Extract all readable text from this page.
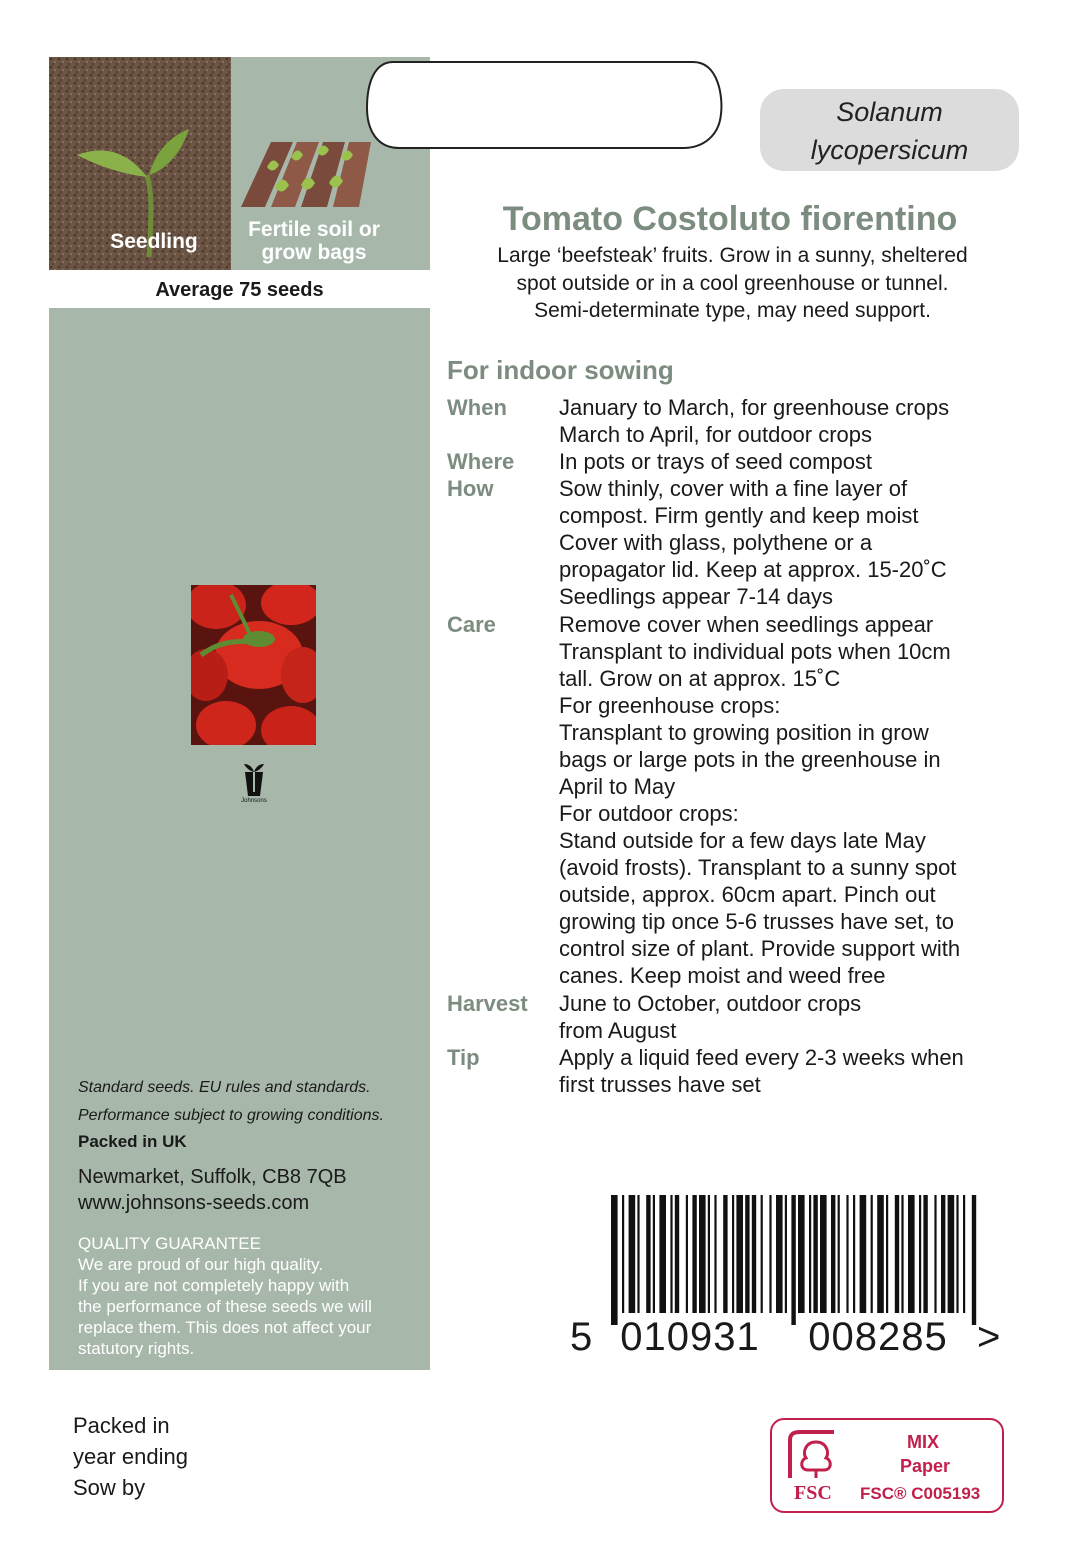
Seedling
Fertile soil or
grow bags
Average 75 seeds
Johnsons
Standard seeds. EU rules and standards.
Performance subject to growing conditions.
Packed in UK
Newmarket, Suffolk, CB8 7QB
www.johnsons-seeds.com
QUALITY GUARANTEE
We are proud of our high quality.
If you are not completely happy with
the performance of these seeds we will
replace them. This does not affect your
statutory rights.
Solanum
lycopersicum
Tomato Costoluto fiorentino
Large ‘beefsteak’ fruits. Grow in a sunny, sheltered
spot outside or in a cool greenhouse or tunnel.
Semi-determinate type, may need support.
For indoor sowing
When January to March, for greenhouse crops
March to April, for outdoor crops
Where In pots or trays of seed compost
How	Sow thinly, cover with a fine layer of
compost. Firm gently and keep moist
Cover with glass, polythene or a
propagator lid. Keep at approx. 15-20˚C
Seedlings appear 7-14 days
Care	Remove cover when seedlings appear
Transplant to individual pots when 10cm
tall. Grow on at approx. 15˚C
For greenhouse crops:
Transplant to growing position in grow
bags or large pots in the greenhouse in
April to May
For outdoor crops:
Stand outside for a few days late May
(avoid frosts). Transplant to a sunny spot
outside, approx. 60cm apart. Pinch out
growing tip once 5-6 trusses have set, to
control size of plant. Provide support with
canes. Keep moist and weed free
Harvest June to October, outdoor crops
from August
Tip	Apply a liquid feed every 2-3 weeks when
first trusses have set
5 010931	008285 >
Packed in
year ending
Sow by	FSC
MIX
Paper
FSC® C005193
